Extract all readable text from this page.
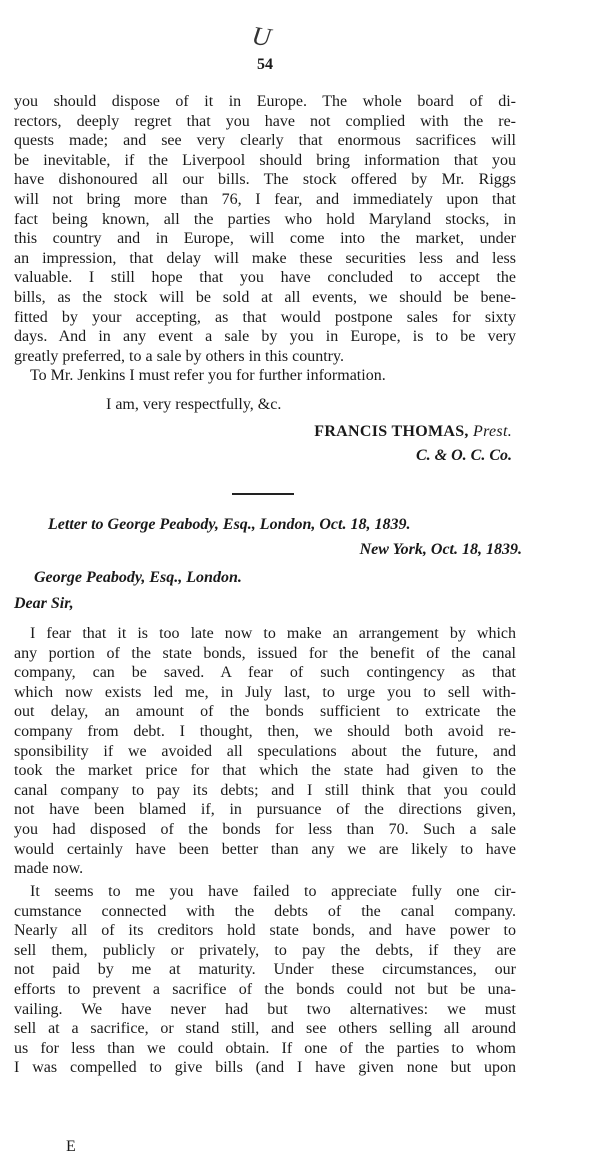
U
54
you should dispose of it in Europe. The whole board of di-
rectors, deeply regret that you have not complied with the re-
quests made; and see very clearly that enormous sacrifices will
be inevitable, if the Liverpool should bring information that you
have dishonoured all our bills. The stock offered by Mr. Riggs
will not bring more than 76, I fear, and immediately upon that
fact being known, all the parties who hold Maryland stocks, in
this country and in Europe, will come into the market, under
an impression, that delay will make these securities less and less
valuable. I still hope that you have concluded to accept the
bills, as the stock will be sold at all events, we should be bene-
fitted by your accepting, as that would postpone sales for sixty
days. And in any event a sale by you in Europe, is to be very
greatly preferred, to a sale by others in this country.
To Mr. Jenkins I must refer you for further information.
I am, very respectfully, &c.
FRANCIS THOMAS, Prest.
C. & O. C. Co.
Letter to George Peabody, Esq., London, Oct. 18, 1839.
New York, Oct. 18, 1839.
George Peabody, Esq., London.
Dear Sir,
I fear that it is too late now to make an arrangement by which
any portion of the state bonds, issued for the benefit of the canal
company, can be saved. A fear of such contingency as that
which now exists led me, in July last, to urge you to sell with-
out delay, an amount of the bonds sufficient to extricate the
company from debt. I thought, then, we should both avoid re-
sponsibility if we avoided all speculations about the future, and
took the market price for that which the state had given to the
canal company to pay its debts; and I still think that you could
not have been blamed if, in pursuance of the directions given,
you had disposed of the bonds for less than 70. Such a sale
would certainly have been better than any we are likely to have
made now.
It seems to me you have failed to appreciate fully one cir-
cumstance connected with the debts of the canal company.
Nearly all of its creditors hold state bonds, and have power to
sell them, publicly or privately, to pay the debts, if they are
not paid by me at maturity. Under these circumstances, our
efforts to prevent a sacrifice of the bonds could not but be una-
vailing. We have never had but two alternatives: we must
sell at a sacrifice, or stand still, and see others selling all around
us for less than we could obtain. If one of the parties to whom
I was compelled to give bills (and I have given none but upon
E
